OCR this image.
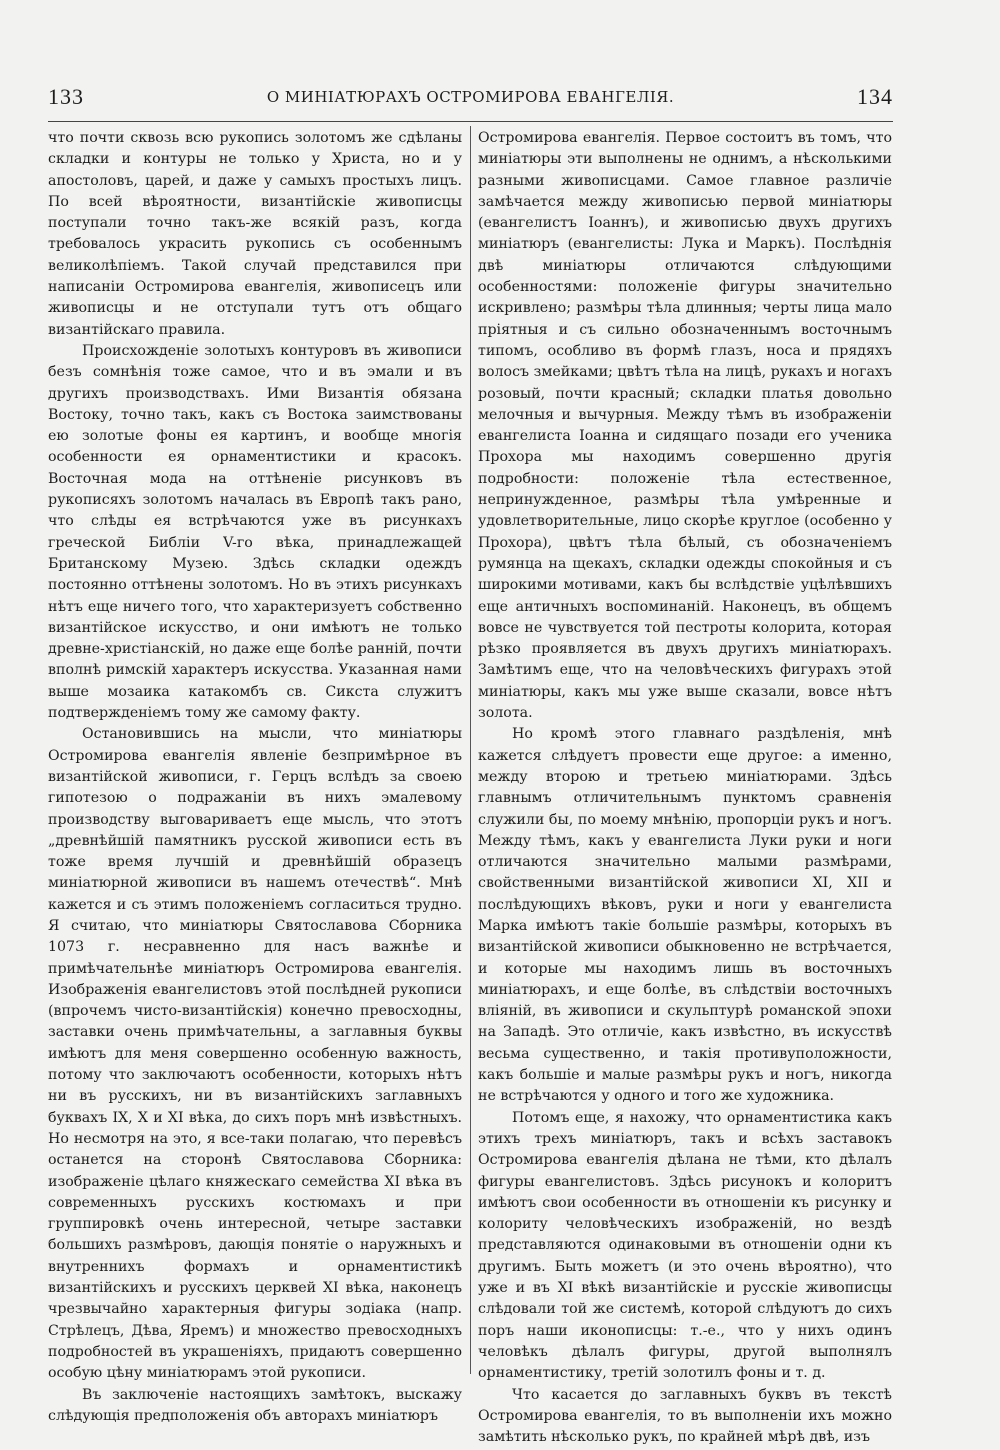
133	О МИНІАТЮРАХЪ ОСТРОМИРОВА ЕВАНГЕЛІЯ.	134

что почти сквозь всю рукопись золотомъ же сдѣланы складки и контуры не только у Христа, но и у апостоловъ, царей, и даже у самыхъ простыхъ лицъ. По всей вѣроятности, византійскіе живописцы поступали точно такъ-же всякій разъ, когда требовалось украсить рукопись съ особеннымъ великолѣпіемъ. Такой случай представился при написаніи Остромирова евангелія, живописецъ или живописцы и не отступали тутъ отъ общаго византійскаго правила.

Происхожденіе золотыхъ контуровъ въ живописи безъ сомнѣнія тоже самое, что и въ эмали и въ другихъ производствахъ. Ими Византія обязана Востоку, точно такъ, какъ съ Востока заимствованы ею золотые фоны ея картинъ, и вообще многія особенности ея орнаментистики и красокъ. Восточная мода на оттѣненіе рисунковъ въ рукописяхъ золотомъ началась въ Европѣ такъ рано, что слѣды ея встрѣчаются уже въ рисункахъ греческой Библіи V-го вѣка, принадлежащей Британскому Музею. Здѣсь складки одеждъ постоянно оттѣнены золотомъ. Но въ этихъ рисункахъ нѣтъ еще ничего того, что характеризуетъ собственно византійское искусство, и они имѣютъ не только древне-христіанскій, но даже еще болѣе раннiй, почти вполнѣ римскій характеръ искусства. Указанная нами выше мозаика катакомбъ св. Сикста служитъ подтвержденіемъ тому же самому факту.

Остановившись на мысли, что миніатюры Остромирова евангелія явленіе безпримѣрное въ византійской живописи, г. Герцъ вслѣдъ за своею гипотезою о подражаніи въ нихъ эмалевому производству выговариваетъ еще мысль, что этотъ „древнѣйшій памятникъ русской живописи есть въ тоже время лучшій и древнѣйшій образецъ миніатюрной живописи въ нашемъ отечествѣ“. Мнѣ кажется и съ этимъ положеніемъ согласиться трудно. Я считаю, что миніатюры Святославова Сборника 1073 г. несравненно для насъ важнѣе и примѣчательнѣе миніатюръ Остромирова евангелія. Изображенія евангелистовъ этой послѣдней рукописи (впрочемъ чисто-византійскія) конечно превосходны, заставки очень примѣчательны, а заглавныя буквы имѣютъ для меня совершенно особенную важность, потому что заключаютъ особенности, которыхъ нѣтъ ни въ русскихъ, ни въ византійскихъ заглавныхъ буквахъ IX, X и XI вѣка, до сихъ поръ мнѣ извѣстныхъ. Но несмотря на это, я все-таки полагаю, что перевѣсъ останется на сторонѣ Святославова Сборника: изображеніе цѣлаго княжескаго семейства XI вѣка въ современныхъ русскихъ костюмахъ и при группировкѣ очень интересной, четыре заставки большихъ размѣровъ, дающія понятіе о наружныхъ и внутреннихъ формахъ и орнаментистикѣ византійскихъ и русскихъ церквей XI вѣка, наконецъ чрезвычайно характерныя фигуры зодіака (напр. Стрѣлецъ, Дѣва, Яремъ) и множество превосходныхъ подробностей въ украшеніяхъ, придаютъ совершенно особую цѣну миніатюрамъ этой рукописи.

Въ заключеніе настоящихъ замѣтокъ, выскажу слѣдующія предположенія объ авторахъ миніатюръ

Остромирова евангелія. Первое состоитъ въ томъ, что миніатюры эти выполнены не однимъ, а нѣсколькими разными живописцами. Самое главное различіе замѣчается между живописью первой миніатюры (евангелистъ Іоаннъ), и живописью двухъ другихъ миніатюръ (евангелисты: Лука и Маркъ). Послѣднія двѣ миніатюры отличаются слѣдующими особенностями: положеніе фигуры значительно искривлено; размѣры тѣла длинныя; черты лица мало пріятныя и съ сильно обозначеннымъ восточнымъ типомъ, особливо въ формѣ глазъ, носа и прядяхъ волосъ змейками; цвѣтъ тѣла на лицѣ, рукахъ и ногахъ розовый, почти красный; складки платья довольно мелочныя и вычурныя. Между тѣмъ въ изображеніи евангелиста Іоанна и сидящаго позади его ученика Прохора мы находимъ совершенно другія подробности: положеніе тѣла естественное, непринужденное, размѣры тѣла умѣренные и удовлетворительные, лицо скорѣе круглое (особенно у Прохора), цвѣтъ тѣла бѣлый, съ обозначеніемъ румянца на щекахъ, складки одежды спокойныя и съ широкими мотивами, какъ бы вслѣдствіе уцѣлѣвшихъ еще античныхъ воспоминаній. Наконецъ, въ общемъ вовсе не чувствуется той пестроты колорита, которая рѣзко проявляется въ двухъ другихъ миніатюрахъ. Замѣтимъ еще, что на человѣческихъ фигурахъ этой миніатюры, какъ мы уже выше сказали, вовсе нѣтъ золота.

Но кромѣ этого главнаго раздѣленія, мнѣ кажется слѣдуетъ провести еще другое: а именно, между второю и третьею миніатюрами. Здѣсь главнымъ отличительнымъ пунктомъ сравненія служили бы, по моему мнѣнію, пропорціи рукъ и ногъ. Между тѣмъ, какъ у евангелиста Луки руки и ноги отличаются значительно малыми размѣрами, свойственными византійской живописи XI, XII и послѣдующихъ вѣковъ, руки и ноги у евангелиста Марка имѣютъ такіе большіе размѣры, которыхъ въ византійской живописи обыкновенно не встрѣчается, и которые мы находимъ лишь въ восточныхъ миніатюрахъ, и еще болѣе, въ слѣдствіи восточныхъ вліяній, въ живописи и скульптурѣ романской эпохи на Западѣ. Это отличіе, какъ извѣстно, въ искусствѣ весьма существенно, и такія противуположности, какъ большіе и малые размѣры рукъ и ногъ, никогда не встрѣчаются у одного и того же художника.

Потомъ еще, я нахожу, что орнаментистика какъ этихъ трехъ миніатюръ, такъ и всѣхъ заставокъ Остромирова евангелія дѣлана не тѣми, кто дѣлалъ фигуры евангелистовъ. Здѣсь рисунокъ и колоритъ имѣютъ свои особенности въ отношеніи къ рисунку и колориту человѣческихъ изображеній, но вездѣ представляются одинаковыми въ отношеніи одни къ другимъ. Быть можетъ (и это очень вѣроятно), что уже и въ XI вѣкѣ византійскіе и русскіе живописцы слѣдовали той же системѣ, которой слѣдуютъ до сихъ поръ наши иконописцы: т.-е., что у нихъ одинъ человѣкъ дѣлалъ фигуры, другой выполнялъ орнаментистику, третій золотилъ фоны и т. д.

Что касается до заглавныхъ буквъ въ текстѣ Остромирова евангелія, то въ выполненіи ихъ можно замѣтить нѣсколько рукъ, по крайней мѣрѣ двѣ, изъ
